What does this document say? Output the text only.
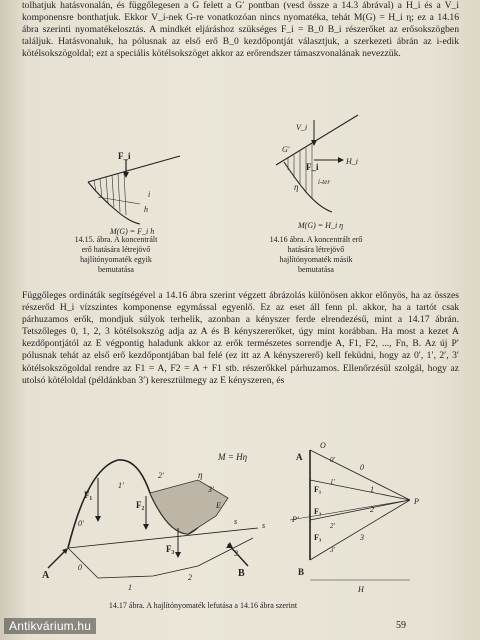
tolhatjuk hatásvonalán, és függőlegesen a G felett a G′ pontban (vesd össze a 14.3 ábrával) a H_i és a V_i komponensre bonthatjuk. Ekkor V_i-nek G-re vonatkozóan nincs nyomatéka, tehát M(G) = H_i η; ez a 14.16 ábra szerinti nyomatékelosztás. A mindkét eljáráshoz szükséges F_i = B_0 B_i részerőket az erősokszögben találjuk. Hatásvonaluk, ha pólusnak az első erő B_0 kezdőpontját választjuk, a szerkezeti ábrán az i-edik kötélsokszögoldal; ezt a speciális kötélsokszöget akkor az erőrendszer támaszvonalának nevezzük.

F_i
i
h
M(G) = F_i h

14.15. ábra. A koncentrált erő hatására létrejövő hajlítónyomaték egyik bemutatása

V_i
F_i
G′
H_i
η	i-ter
M(G) = H_i η

14.16 ábra. A koncentrált erő hatására létrejövő hajlítónyomaték másik bemutatása

Függőleges ordináták segítségével a 14.16 ábra szerint végzett ábrázolás különösen akkor előnyös, ha az összes részerőd H_i vízszintes komponense egymással egyenlő. Ez az eset áll fenn pl. akkor, ha a tartót csak párhuzamos erők, mondjuk súlyok terhelik, azonban a kényszer ferde elrendezésű, mint a 14.17 ábrán. Tetszőleges 0, 1, 2, 3 kötélsokszög adja az A és B kényszererőket, úgy mint korábban. Ha most a kezet A kezdőpontjától az E végpontig haladunk akkor az erők természetes sorrendje A, F1, F2, ..., Fn, B. Az új P′ pólusnak tehát az első erő kezdőpontjában bal felé (ez itt az A kényszererő) kell feküdni, hogy az 0′, 1′, 2′, 3′ kötélsokszögoldal rendre az F1 = A, F2 = A + F1 stb. részerőkkel párhuzamos. Ellenőrzésül szolgál, hogy az utolsó kötéloldal (példánkban 3′) keresztülmegy az E kényszeren, és

M = Hη
s
F₁
F₂
F₃
η
E
s
A	B
0′
1′
2′
3′
0
1
2
3
A
B
P′
P
H
O
F₁
F₂
F₃
0
1
2
3
0′
1′
2′
3′

14.17 ábra. A hajlítónyomaték lefutása a 14.16 ábra szerint

59
Antikvárium.hu
